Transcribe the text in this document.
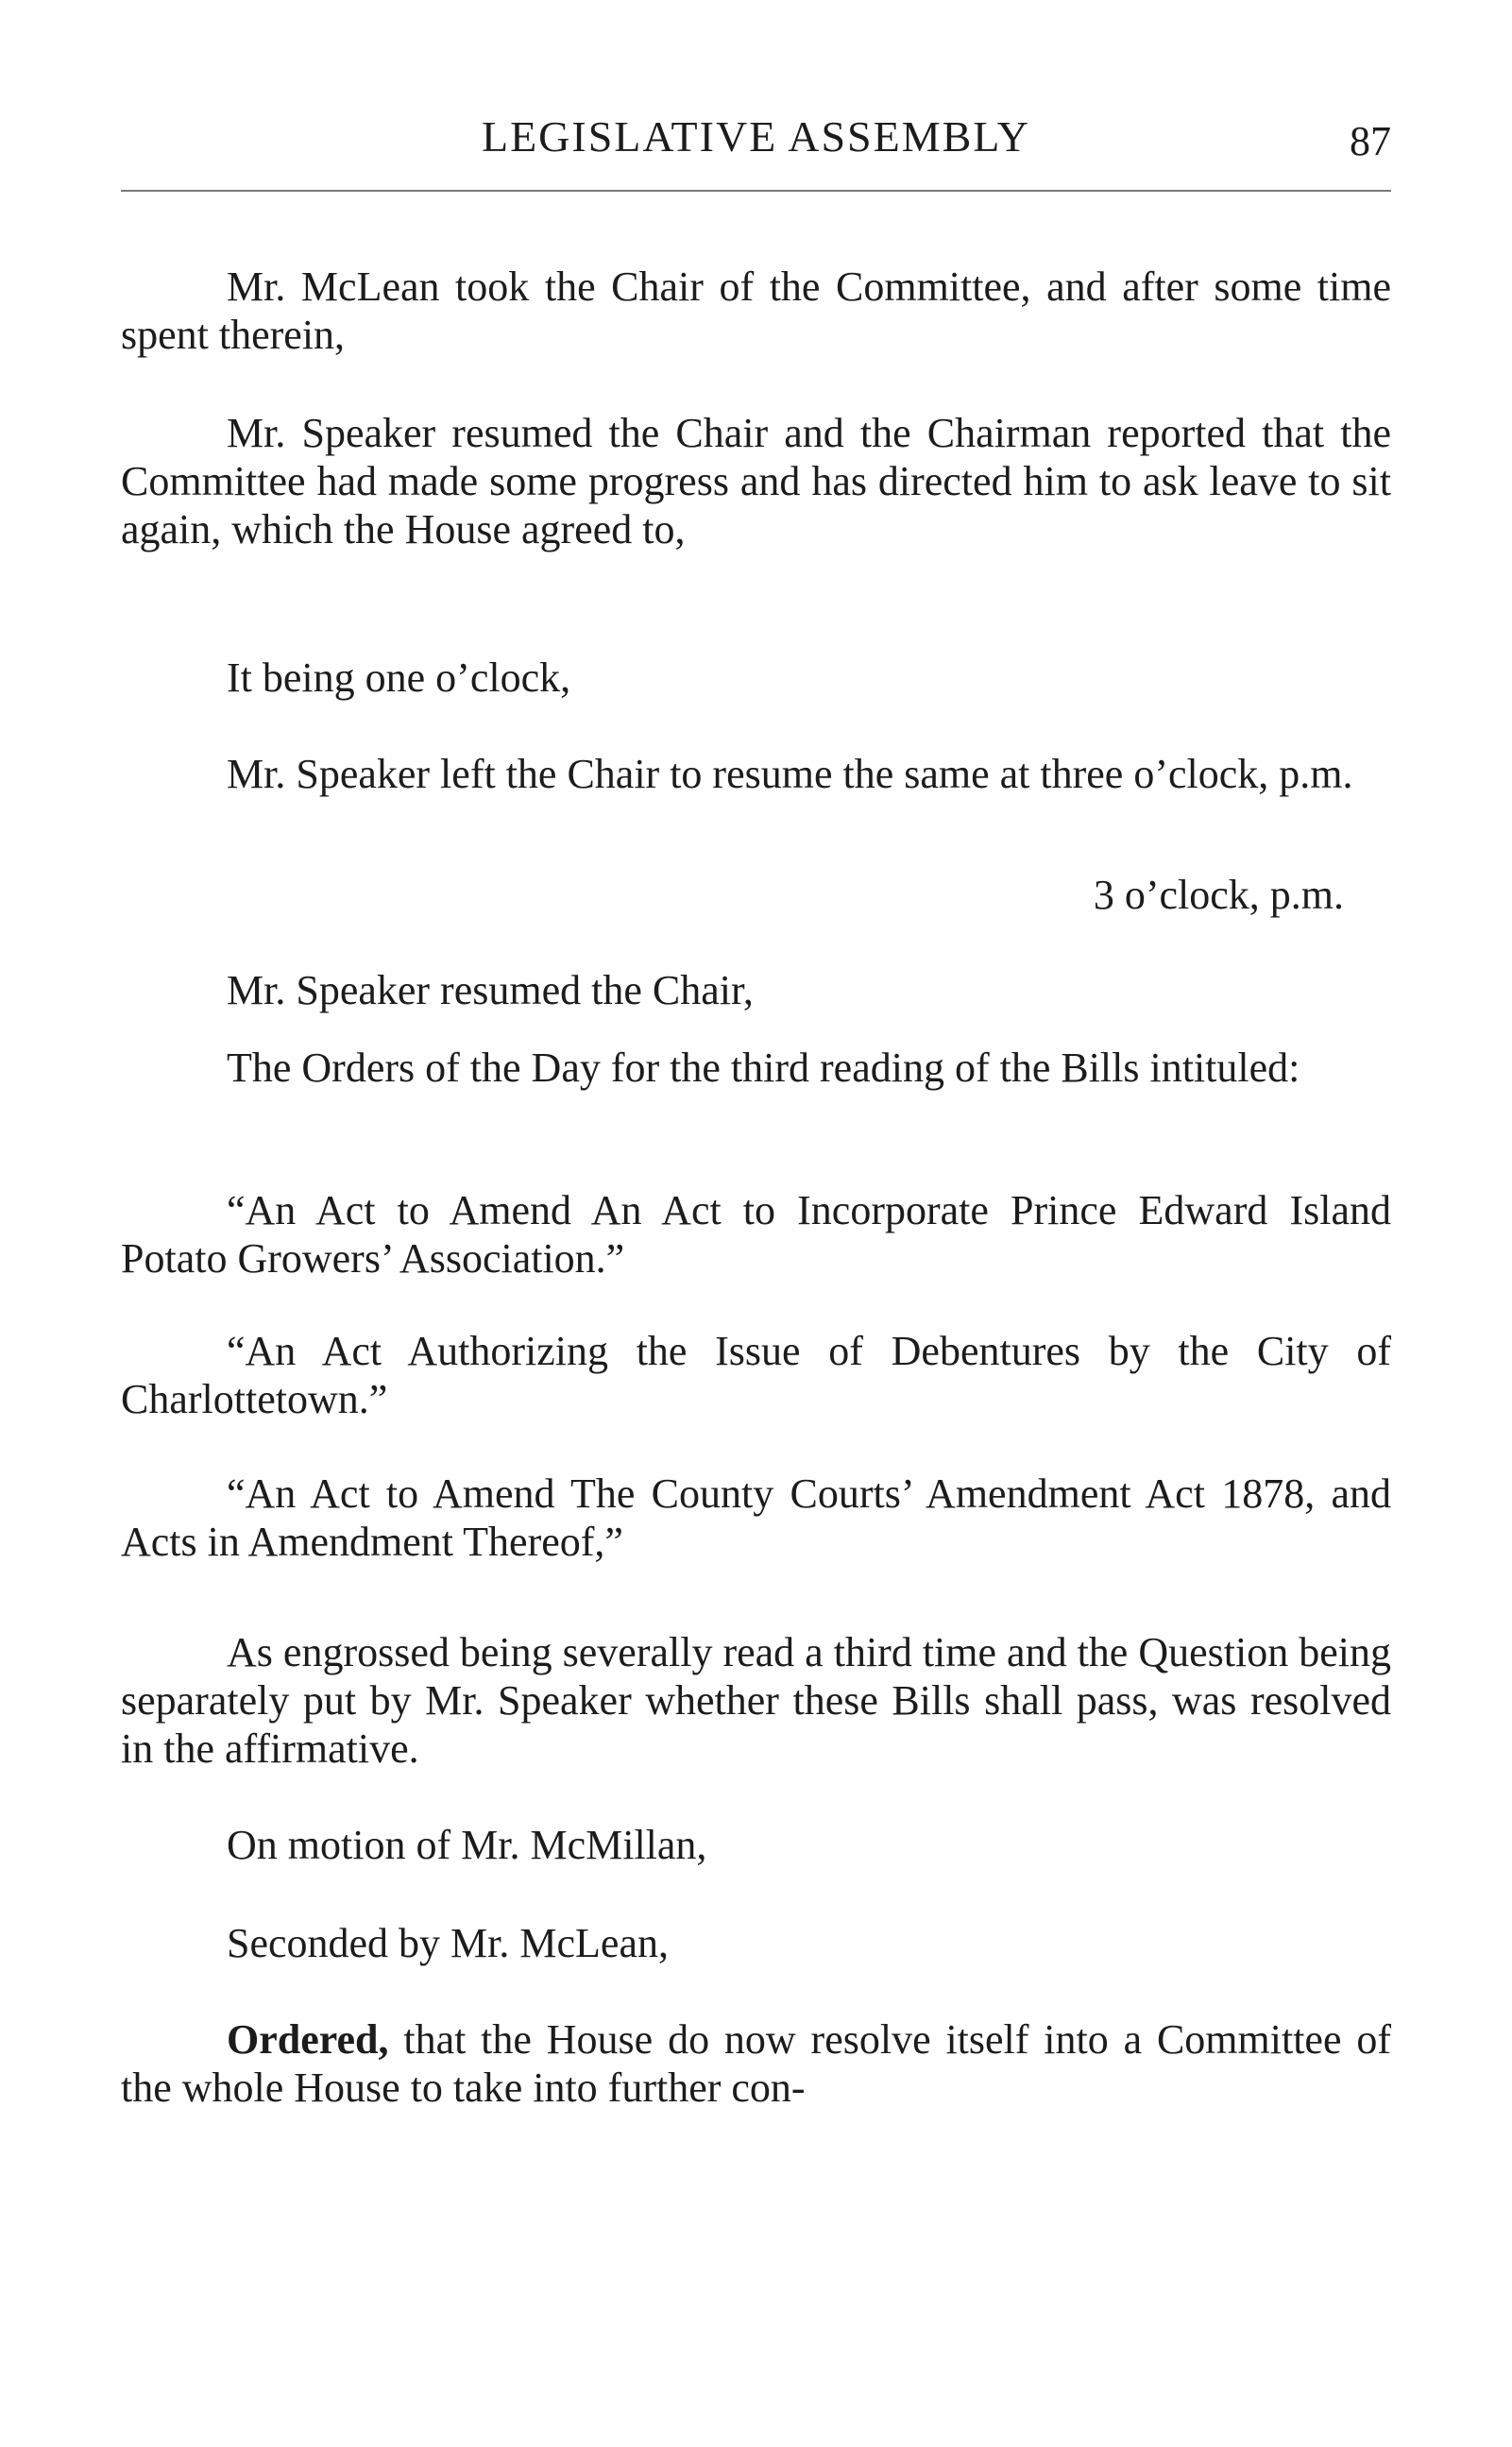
LEGISLATIVE ASSEMBLY	87

Mr. McLean took the Chair of the Committee, and after some time spent therein,

Mr. Speaker resumed the Chair and the Chairman reported that the Committee had made some progress and has directed him to ask leave to sit again, which the House agreed to,

It being one o’clock,

Mr. Speaker left the Chair to resume the same at three o’clock, p.m.

3 o’clock, p.m.

Mr. Speaker resumed the Chair,

The Orders of the Day for the third reading of the Bills intituled:

“An Act to Amend An Act to Incorporate Prince Edward Island Potato Growers’ Association.”

“An Act Authorizing the Issue of Debentures by the City of Charlottetown.”

“An Act to Amend The County Courts’ Amendment Act 1878, and Acts in Amendment Thereof,”

As engrossed being severally read a third time and the Question being separately put by Mr. Speaker whether these Bills shall pass, was resolved in the affirmative.

On motion of Mr. McMillan,

Seconded by Mr. McLean,

Ordered, that the House do now resolve itself into a Committee of the whole House to take into further con-
